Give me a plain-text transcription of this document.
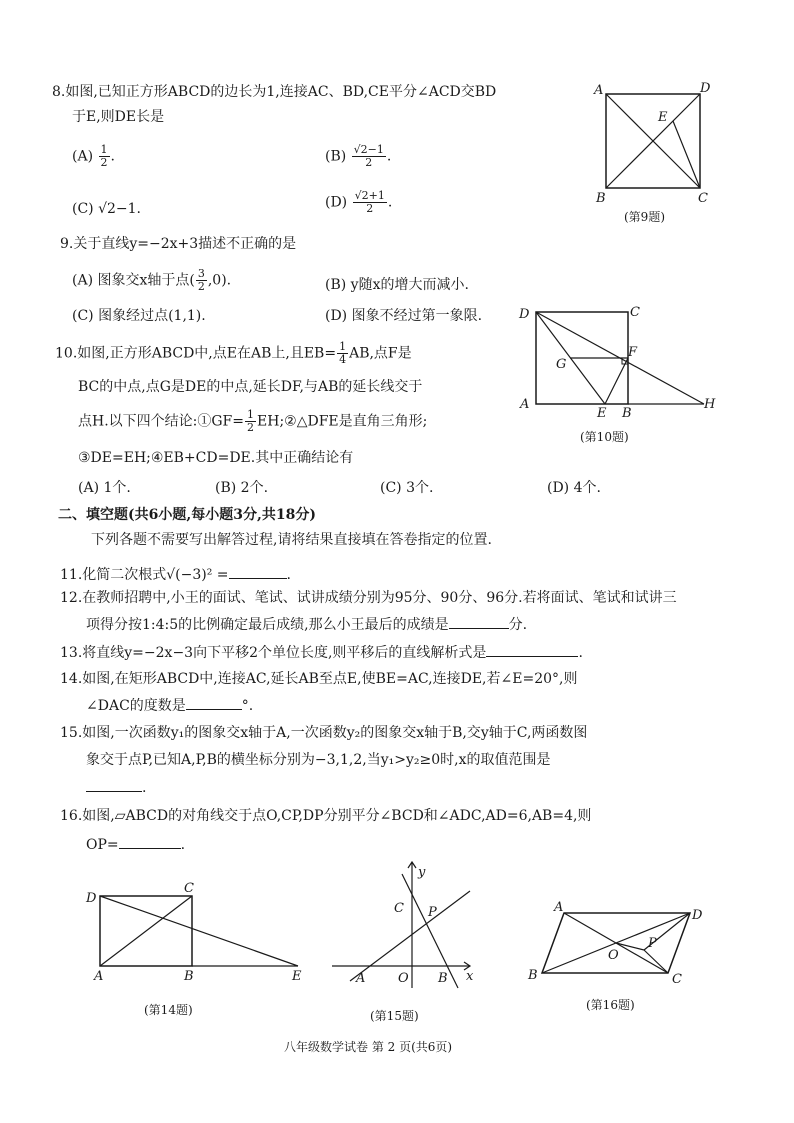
8.如图,已知正方形ABCD的边长为1,连接AC、BD,CE平分∠ACD交BD
于E,则DE长是
$(A) \frac{1}{2}$ .	$(B) \frac{√2-1}{2}$ .
(C) √2−1.	$(D) \frac{√2+1}{2}$ .
A	D
E
B	C
(第9题)
9.关于直线y=−2x+3描述不正确的是
(A) 图象交x轴于点( $\frac{3}{2} ,0$).	(B) y随x的增大而减小.
(C) 图象经过点(1,1).	(D) 图象不经过第一象限.
10.如图,正方形ABCD中,点E在AB上,且$EB= \frac{1}{4}$ AB,点F是
BC的中点,点G是DE的中点,延长DF,与AB的延长线交于
点H.以下四个结论:①GF= $\frac{1}{2}$ EH;②△DFE是直角三角形;
③DE=EH;④EB+CD=DE.其中正确结论有
(A) 1个.	(B) 2个.	(C) 3个.	(D) 4个.
D	C
G
F
A
E B
H
(第10题)
二、填空题(共6小题,每小题3分,共18分)
下列各题不需要写出解答过程,请将结果直接填在答卷指定的位置.
11.化简二次根式√(−3)² =	.
12.在教师招聘中,小王的面试、笔试、试讲成绩分别为95分、90分、96分.若将面试、笔试和试讲三
项得分按1:4:5的比例确定最后成绩,那么小王最后的成绩是	分.
13.将直线y=−2x−3向下平移2个单位长度,则平移后的直线解析式是	.
14.如图,在矩形ABCD中,连接AC,延长AB至点E,使BE=AC,连接DE,若∠E=20°,则
∠DAC的度数是	°.
15.如图,一次函数y₁的图象交x轴于A,一次函数y₂的图象交x轴于B,交y轴于C,两函数图
象交于点P,已知A,P,B的横坐标分别为−3,1,2,当y₁>y₂≥0时,x的取值范围是
.
16.如图,▱ABCD的对角线交于点O,CP,DP分别平分∠BCD和∠ADC,AD=6,AB=4,则
OP=	.
D
C
A	B	E
(第14题)
y
C P
A	O B x
(第15题)
A
D
P
O
B	C
(第16题)
八年级数学试卷 第 2 页(共6页)
